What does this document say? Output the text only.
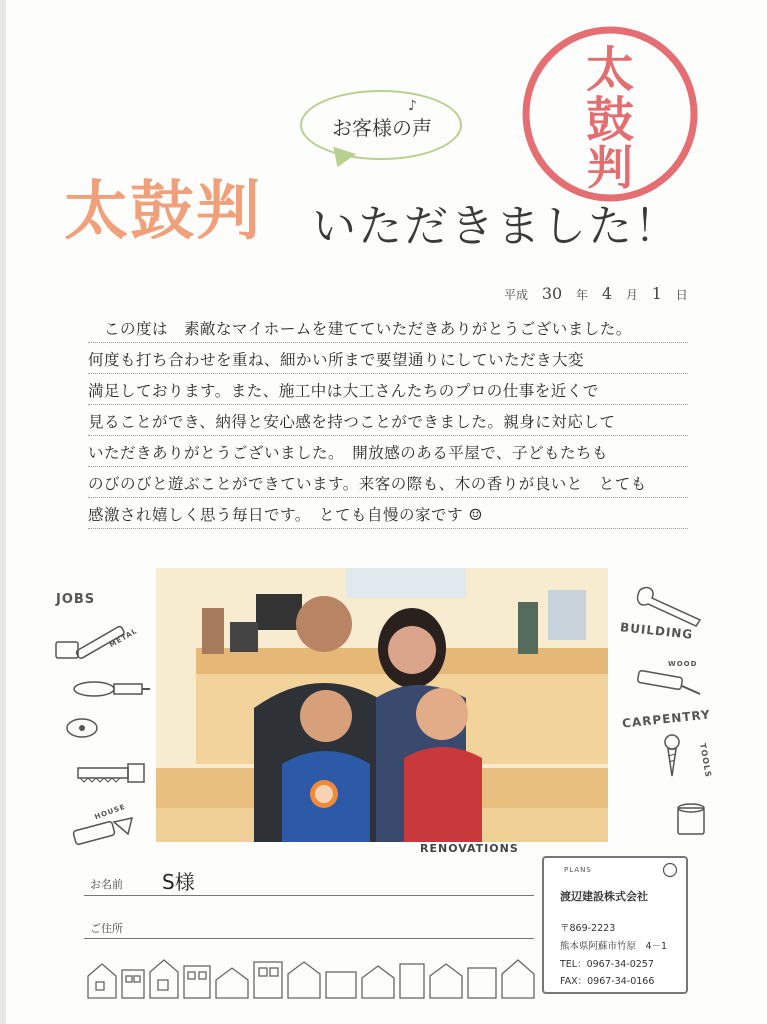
お客様の声
♪
太鼓判 いただきました！
太
鼓
判
平成 30 年 4 月 1 日
　この度は　素敵なマイホームを建てていただきありがとうございました。
何度も打ち合わせを重ね、細かい所まで要望通りにしていただき大変
満足しております。また、施工中は大工さんたちのプロの仕事を近くで
見ることができ、納得と安心感を持つことができました。親身に対応して
いただきありがとうございました。　開放感のある平屋で、子どもたちも
のびのびと遊ぶことができています。来客の際も、木の香りが良いと　とても
感激され嬉しく思う毎日です。　とても自慢の家です ☺
JOBS
METAL
HOUSE
BUILDING
WOOD
CARPENTRY
TOOLS
RENOVATIONS
お名前 S様
ご住所
PLANS
渡辺建設株式会社
〒869-2223
熊本県阿蘇市竹原　4－1
TEL：0967-34-0257
FAX：0967-34-0166
